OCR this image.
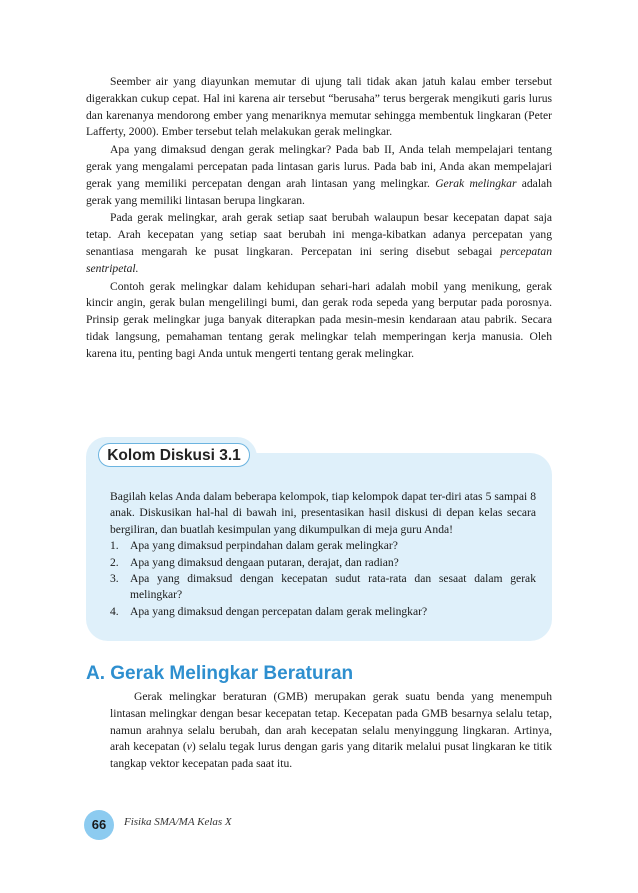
Seember air yang diayunkan memutar di ujung tali tidak akan jatuh kalau ember tersebut digerakkan cukup cepat. Hal ini karena air tersebut “berusaha” terus bergerak mengikuti garis lurus dan karenanya mendorong ember yang menariknya memutar sehingga membentuk lingkaran (Peter Lafferty, 2000). Ember tersebut telah melakukan gerak melingkar.

Apa yang dimaksud dengan gerak melingkar? Pada bab II, Anda telah mempelajari tentang gerak yang mengalami percepatan pada lintasan garis lurus. Pada bab ini, Anda akan mempelajari gerak yang memiliki percepatan dengan arah lintasan yang melingkar. Gerak melingkar adalah gerak yang memiliki lintasan berupa lingkaran.

Pada gerak melingkar, arah gerak setiap saat berubah walaupun besar kecepatan dapat saja tetap. Arah kecepatan yang setiap saat berubah ini menga-kibatkan adanya percepatan yang senantiasa mengarah ke pusat lingkaran. Percepatan ini sering disebut sebagai percepatan sentripetal.

Contoh gerak melingkar dalam kehidupan sehari-hari adalah mobil yang menikung, gerak kincir angin, gerak bulan mengelilingi bumi, dan gerak roda sepeda yang berputar pada porosnya. Prinsip gerak melingkar juga banyak diterapkan pada mesin-mesin kendaraan atau pabrik. Secara tidak langsung, pemahaman tentang gerak melingkar telah memperingan kerja manusia. Oleh karena itu, penting bagi Anda untuk mengerti tentang gerak melingkar.

Kolom Diskusi 3.1

Bagilah kelas Anda dalam beberapa kelompok, tiap kelompok dapat ter-diri atas 5 sampai 8 anak. Diskusikan hal-hal di bawah ini, presentasikan hasil diskusi di depan kelas secara bergiliran, dan buatlah kesimpulan yang dikumpulkan di meja guru Anda!

1. Apa yang dimaksud perpindahan dalam gerak melingkar?
2. Apa yang dimaksud dengaan putaran, derajat, dan radian?
3. Apa yang dimaksud dengan kecepatan sudut rata-rata dan sesaat dalam gerak melingkar?
4. Apa yang dimaksud dengan percepatan dalam gerak melingkar?
A. Gerak Melingkar Beraturan

Gerak melingkar beraturan (GMB) merupakan gerak suatu benda yang menempuh lintasan melingkar dengan besar kecepatan tetap. Kecepatan pada GMB besarnya selalu tetap, namun arahnya selalu berubah, dan arah kecepatan selalu menyinggung lingkaran. Artinya, arah kecepatan (v) selalu tegak lurus dengan garis yang ditarik melalui pusat lingkaran ke titik tangkap vektor kecepatan pada saat itu.

66	Fisika SMA/MA Kelas X
